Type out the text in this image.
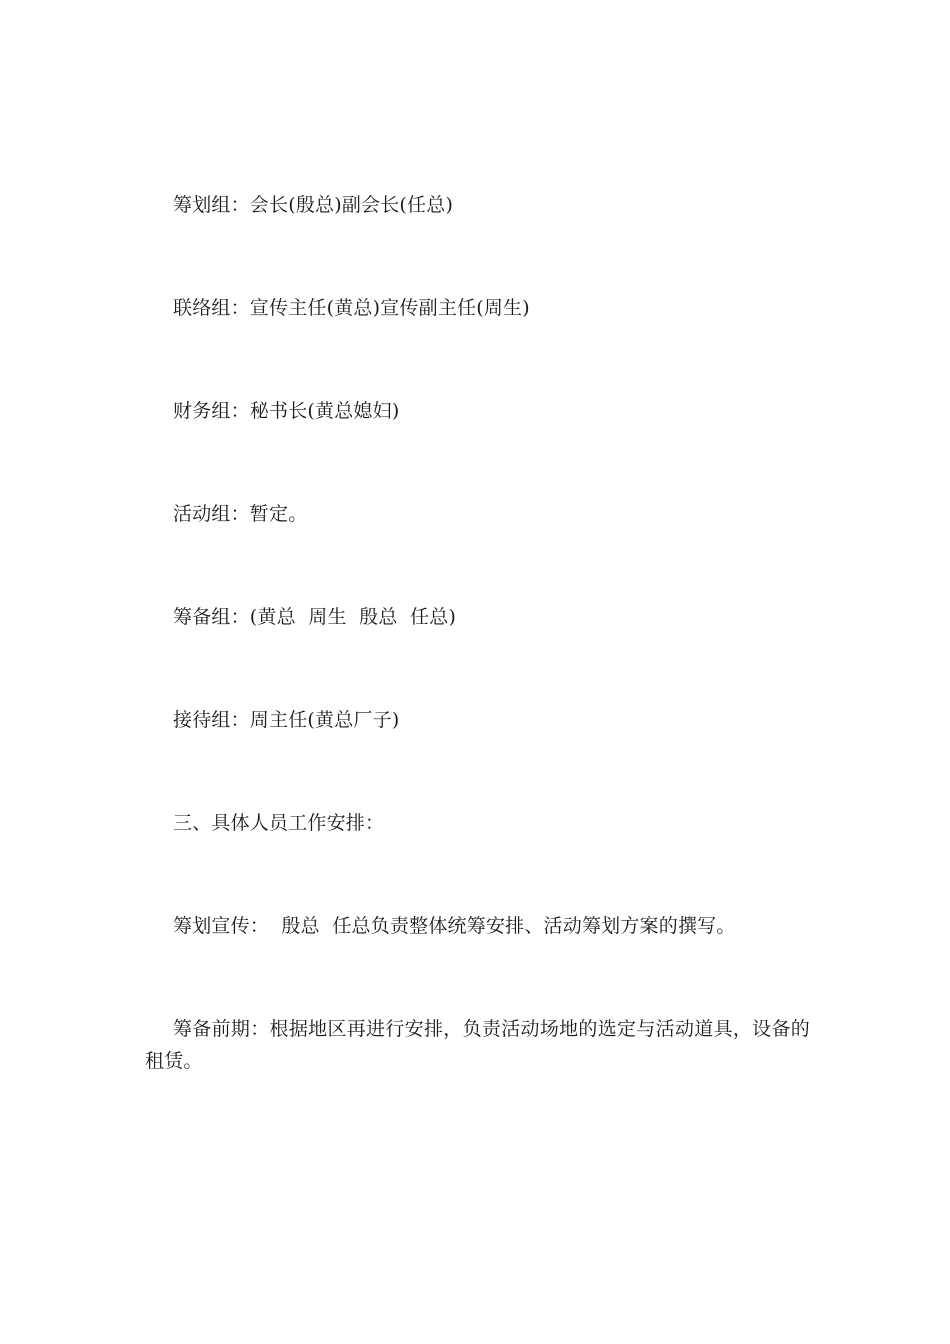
筹划组：会长(殷总)副会长(任总)

联络组：宣传主任(黄总)宣传副主任(周生)

财务组：秘书长(黄总媳妇)

活动组：暂定。

筹备组：(黄总  周生  殷总  任总)

接待组：周主任(黄总厂子)

三、具体人员工作安排：

筹划宣传：  殷总  任总负责整体统筹安排、活动筹划方案的撰写。

筹备前期：根据地区再进行安排，负责活动场地的选定与活动道具，设备的租赁。
